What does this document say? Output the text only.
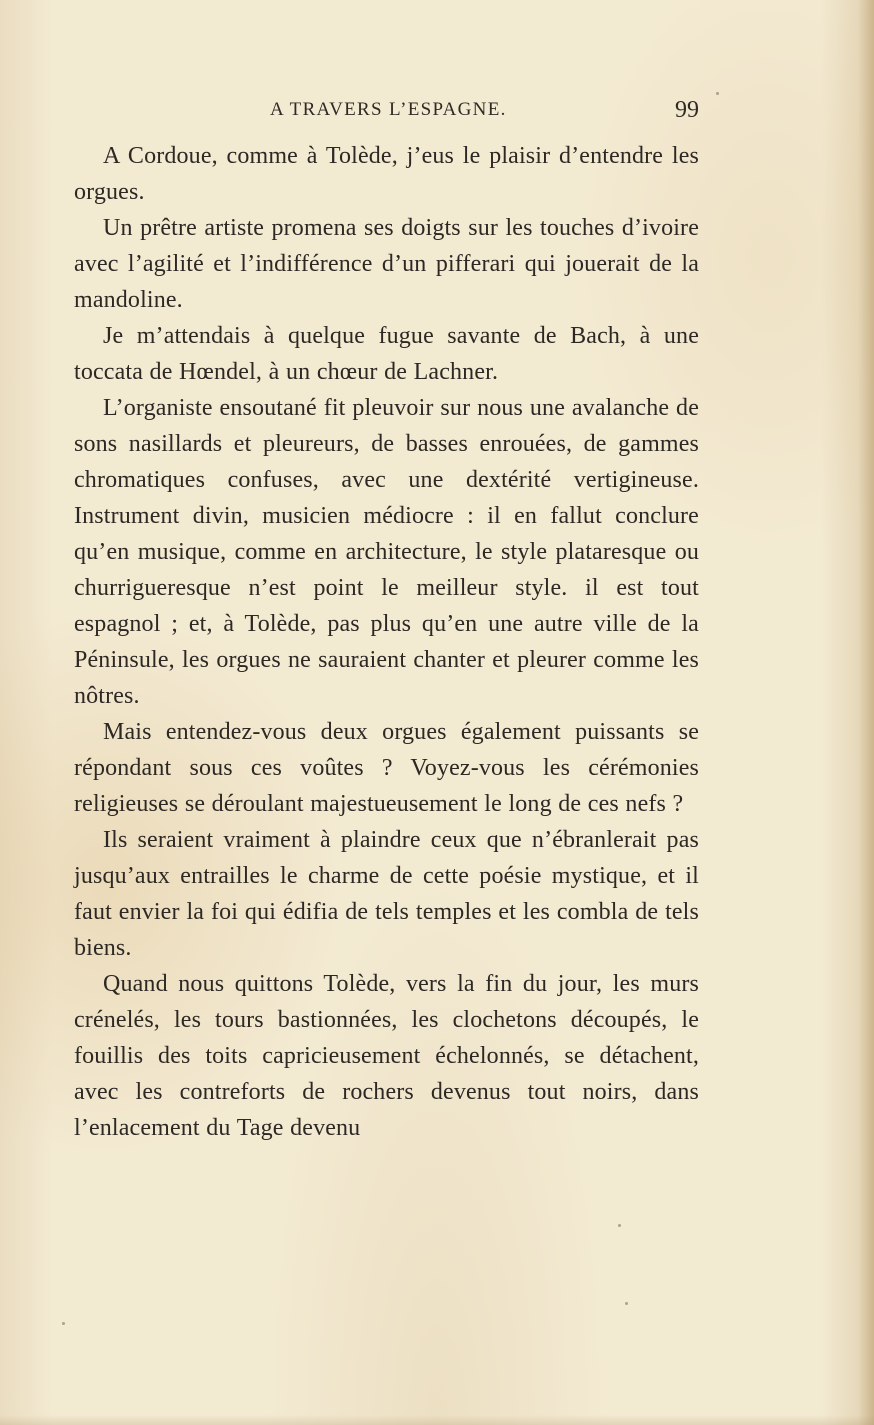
A TRAVERS L’ESPAGNE.	99

A Cordoue, comme à Tolède, j’eus le plaisir d’entendre les orgues.

Un prêtre artiste promena ses doigts sur les touches d’ivoire avec l’agilité et l’indifférence d’un pifferari qui jouerait de la mandoline.

Je m’attendais à quelque fugue savante de Bach, à une toccata de Hœndel, à un chœur de Lachner.

L’organiste ensoutané fit pleuvoir sur nous une avalanche de sons nasillards et pleureurs, de basses enrouées, de gammes chromatiques confuses, avec une dextérité vertigineuse. Instrument divin, musicien médiocre : il en fallut conclure qu’en musique, comme en architecture, le style plataresque ou churrigueresque n’est point le meilleur style. il est tout espagnol ; et, à Tolède, pas plus qu’en une autre ville de la Péninsule, les orgues ne sauraient chanter et pleurer comme les nôtres.

Mais entendez-vous deux orgues également puissants se répondant sous ces voûtes ? Voyez-vous les cérémonies religieuses se déroulant majestueusement le long de ces nefs ?

Ils seraient vraiment à plaindre ceux que n’ébranlerait pas jusqu’aux entrailles le charme de cette poésie mystique, et il faut envier la foi qui édifia de tels temples et les combla de tels biens.

Quand nous quittons Tolède, vers la fin du jour, les murs crénelés, les tours bastionnées, les clochetons découpés, le fouillis des toits capricieusement échelonnés, se détachent, avec les contreforts de rochers devenus tout noirs, dans l’enlacement du Tage devenu
